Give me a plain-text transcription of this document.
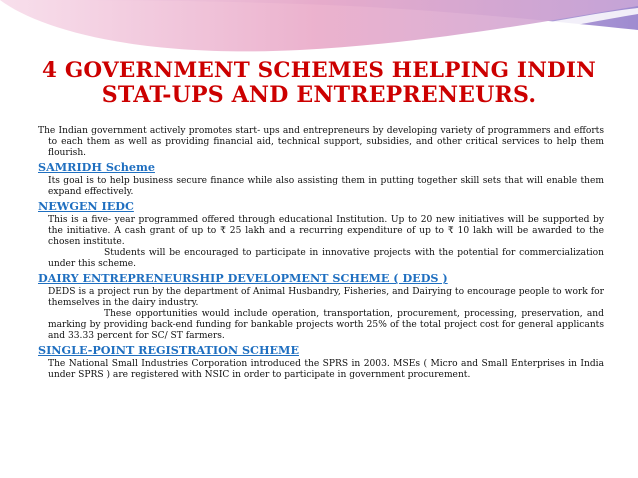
4 GOVERNMENT SCHEMES HELPING INDIN
STAT-UPS AND ENTREPRENEURS.

The Indian government actively promotes start- ups and entrepreneurs by developing variety of programmers and efforts to each them as well as providing financial aid, technical support, subsidies, and other critical services to help them flourish.

SAMRIDH Scheme

Its goal is to help business secure finance while also assisting them in putting together skill sets that will enable them expand effectively.

NEWGEN IEDC

This is a five- year programmed offered through educational Institution. Up to 20 new initiatives will be supported by the initiative. A cash grant of up to ₹ 25 lakh and a recurring expenditure of up to ₹ 10 lakh will be awarded to the chosen institute.

Students will be encouraged to participate in innovative projects with the potential for commercialization under this scheme.

DAIRY ENTREPRENEURSHIP DEVELOPMENT SCHEME ( DEDS )

DEDS is a project run by the department of Animal Husbandry, Fisheries, and Dairying to encourage people to work for themselves in the dairy industry.

These opportunities would include operation, transportation, procurement, processing, preservation, and marking by providing back-end funding for bankable projects worth 25% of the total project cost for general applicants and 33.33 percent for SC/ ST farmers.

SINGLE-POINT REGISTRATION SCHEME

The National Small Industries Corporation introduced the SPRS in 2003. MSEs ( Micro and Small Enterprises in India under SPRS ) are registered with NSIC in order to participate in government procurement.
